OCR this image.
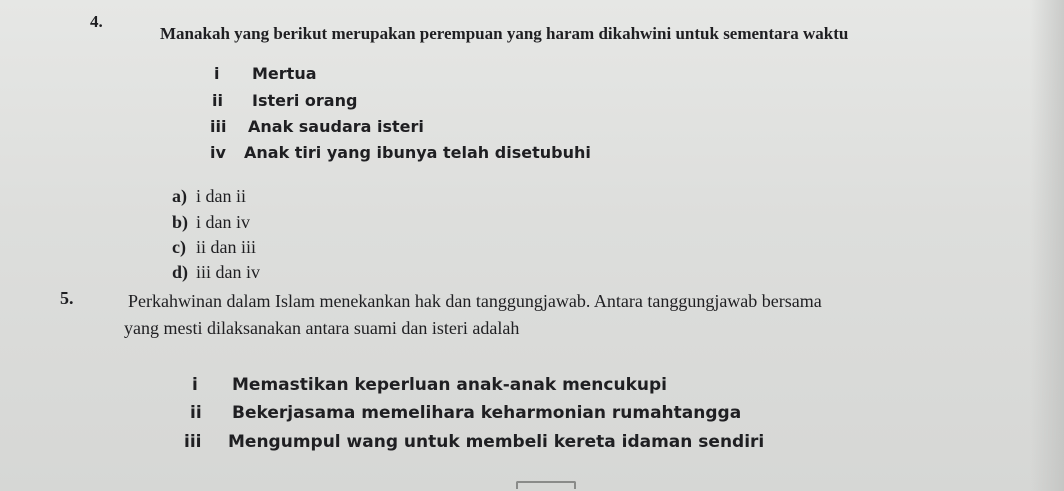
4.
Manakah yang berikut merupakan perempuan yang haram dikahwini untuk sementara waktu
i Mertua
ii Isteri orang
iii Anak saudara isteri
iv Anak tiri yang ibunya telah disetubuhi
a) i dan ii
b) i dan iv
c) ii dan iii
d) iii dan iv
5.	Perkahwinan dalam Islam menekankan hak dan tanggungjawab. Antara tanggungjawab bersama
yang mesti dilaksanakan antara suami dan isteri adalah
i Memastikan keperluan anak-anak mencukupi
ii Bekerjasama memelihara keharmonian rumahtangga
iii Mengumpul wang untuk membeli kereta idaman sendiri
